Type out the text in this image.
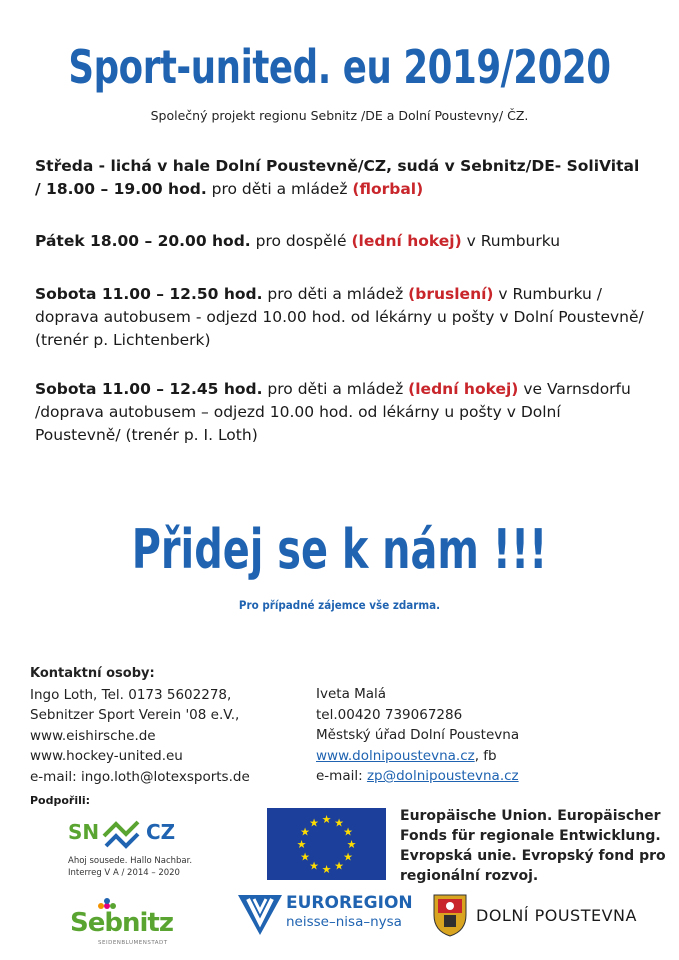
Sport-united. eu 2019/2020
Společný projekt regionu Sebnitz /DE a Dolní Poustevny/ ČZ.
Středa - lichá v hale Dolní Poustevně/CZ, sudá v Sebnitz/DE- SoliVital / 18.00 – 19.00 hod. pro děti a mládež (florbal)
Pátek 18.00 – 20.00 hod. pro dospělé (lední hokej) v Rumburku
Sobota 11.00 – 12.50 hod. pro děti a mládež (bruslení) v Rumburku / doprava autobusem - odjezd 10.00 hod. od lékárny u pošty v Dolní Poustevně/ (trenér p. Lichtenberk)
Sobota 11.00 – 12.45 hod. pro děti a mládež (lední hokej) ve Varnsdorfu /doprava autobusem – odjezd 10.00 hod. od lékárny u pošty v Dolní Poustevně/ (trenér p. I. Loth)
Přidej se k nám !!!
Pro případné zájemce vše zdarma.
Kontaktní osoby:
Ingo Loth, Tel. 0173 5602278,
Sebnitzer Sport Verein '08 e.V.,
www.eishirsche.de
www.hockey-united.eu
e-mail: ingo.loth@lotexsports.de
Iveta Malá
tel.00420 739067286
Městský úřad Dolní Poustevna
www.dolnipoustevna.cz, fb
e-mail: zp@dolnipoustevna.cz
Podpořili:
SN CZ
Ahoj sousede. Hallo Nachbar.
Interreg V A / 2014 – 2020
Sebnitz
SEIDENBLUMENSTADT
★ ★
★
★
★
★
★
★
★
★
★
★	Europäische Union. Europäischer
Fonds für regionale Entwicklung.
Evropská unie. Evropský fond pro
regionální rozvoj.
EUROREGION
neisse–nisa–nysa	DOLNÍ POUSTEVNA
